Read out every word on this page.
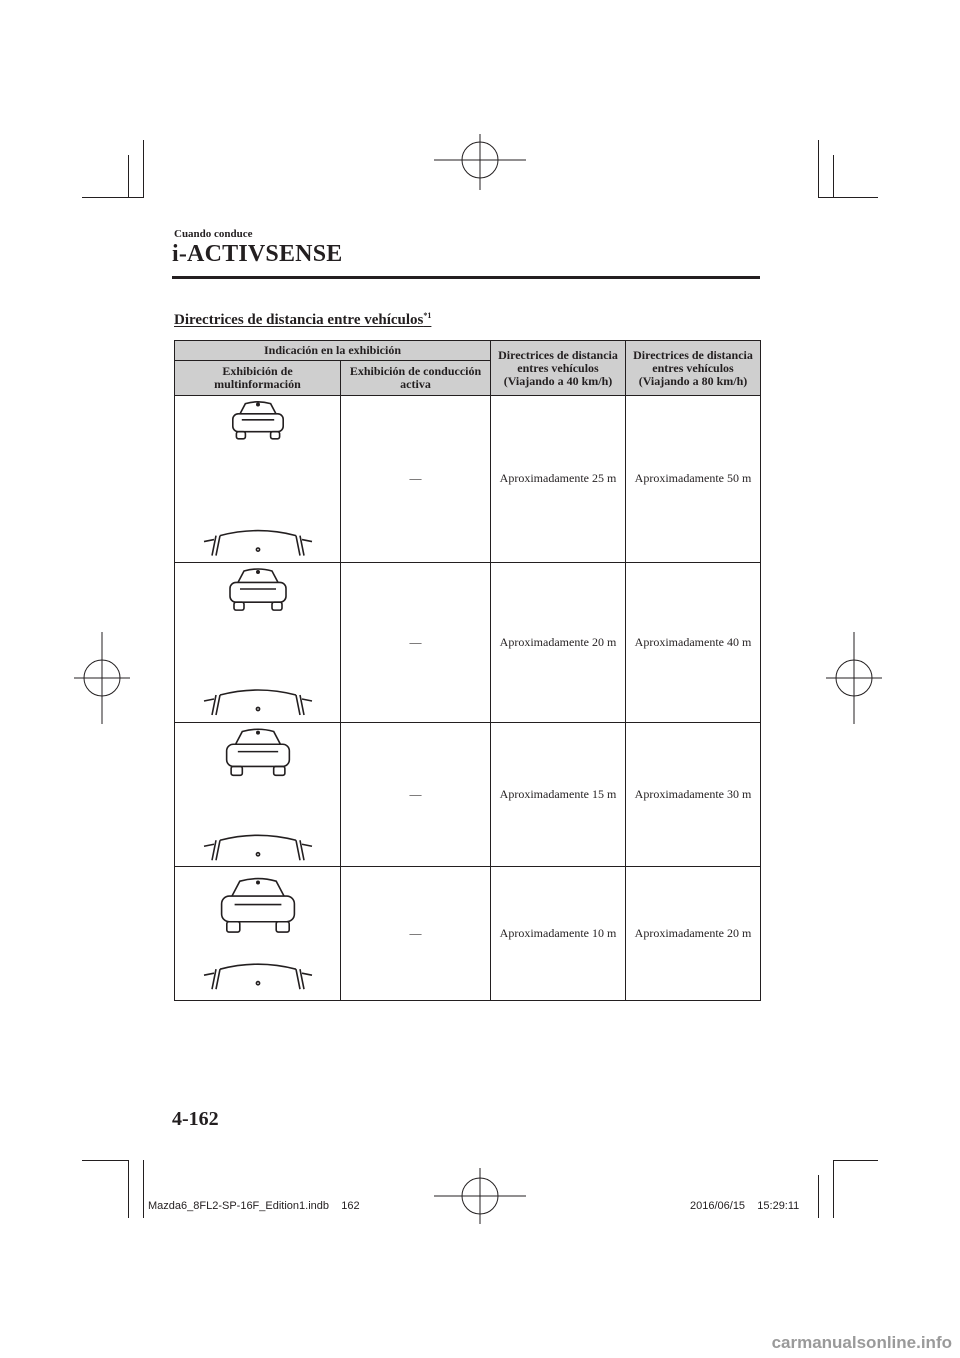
Cuando conduce
i-ACTIVSENSE
Directrices de distancia entre vehículos$^{*1}$
Indicación en la exhibición		Directrices de distancia entres vehículos (Viajando a 40 km/h)	Directrices de distancia entres vehículos (Viajando a 80 km/h)
Exhibición de multinformación	Exhibición de conducción activa		
	—	Aproximadamente 25 m	Aproximadamente 50 m
	—	Aproximadamente 20 m	Aproximadamente 40 m
	—	Aproximadamente 15 m	Aproximadamente 30 m
	—	Aproximadamente 10 m	Aproximadamente 20 m
4-162
Mazda6_8FL2-SP-16F_Edition1.indb    162	2016/06/15    15:29:11
carmanualsonline.info
